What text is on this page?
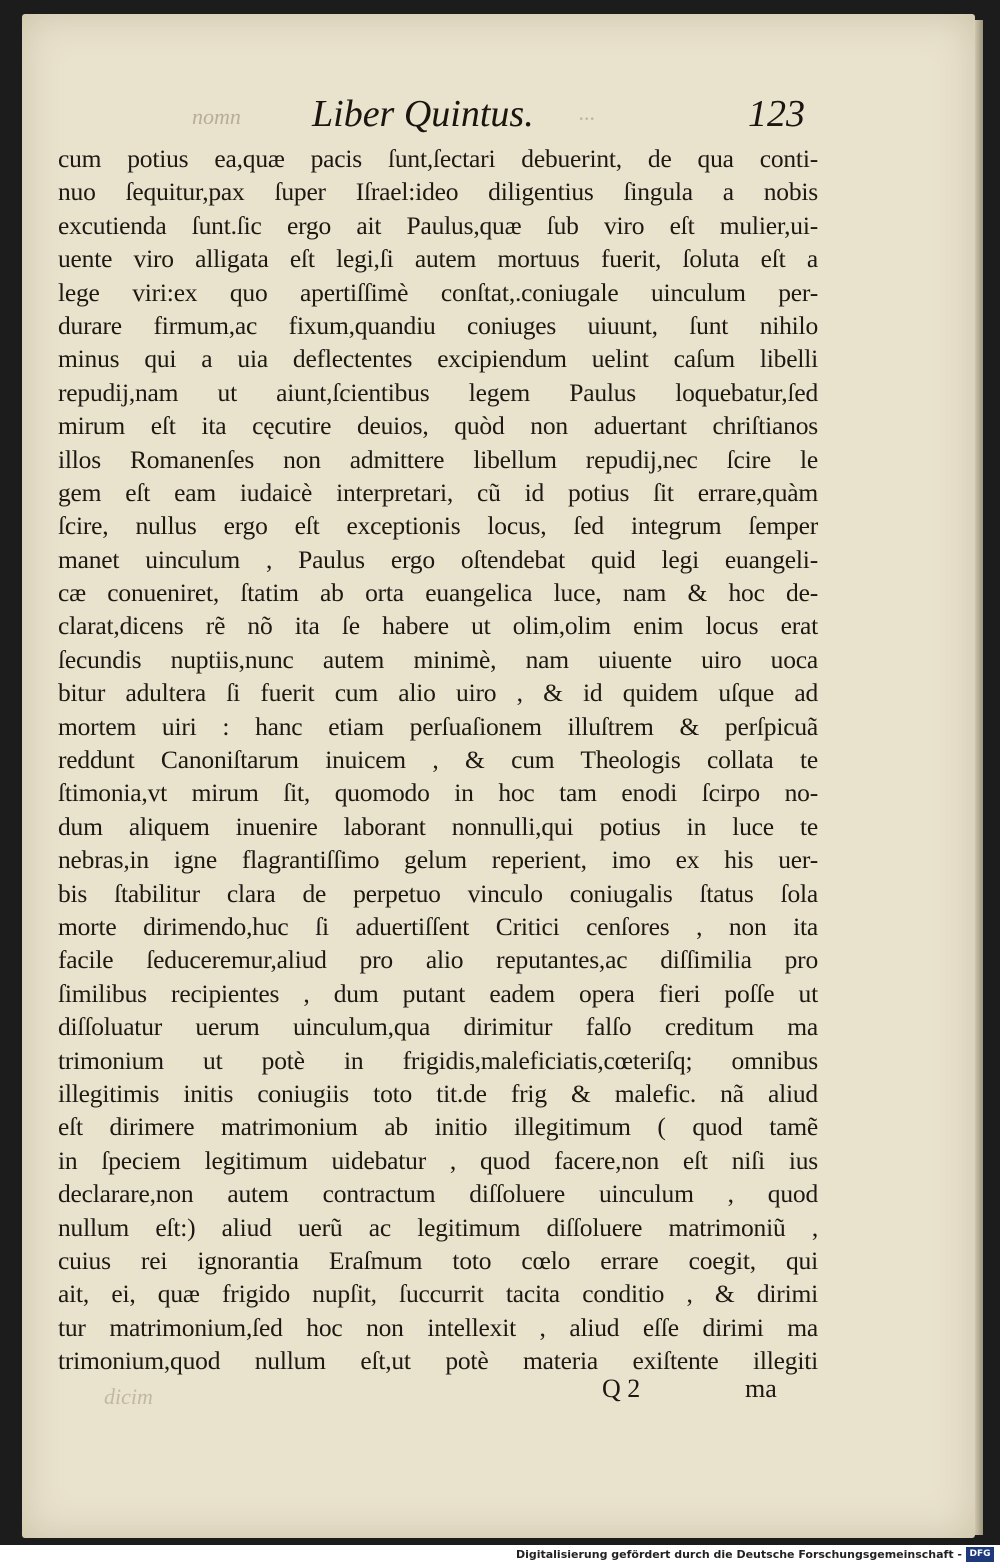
nomn Liber Quintus. ...	123
cum potius ea,quæ pacis ſunt,ſectari debuerint, de qua conti-
nuo ſequitur,pax ſuper Iſrael:ideo diligentius ſingula a nobis
excutienda ſunt.ſic ergo ait Paulus,quæ ſub viro eſt mulier,ui-
uente viro alligata eſt legi,ſi autem mortuus fuerit, ſoluta eſt a
lege viri:ex quo apertiſſimè conſtat,.coniugale uinculum per-
durare firmum,ac fixum,quandiu coniuges uiuunt, ſunt nihilo
minus qui a uia deflectentes excipiendum uelint caſum libelli
repudij,nam ut aiunt,ſcientibus legem Paulus loquebatur,ſed
mirum eſt ita cęcutire deuios, quòd non aduertant chriſtianos
illos Romanenſes non admittere libellum repudij,nec ſcire le
gem eſt eam iudaicè interpretari, cũ id potius ſit errare,quàm
ſcire, nullus ergo eſt exceptionis locus, ſed integrum ſemper
manet uinculum , Paulus ergo oſtendebat quid legi euangeli-
cæ conueniret, ſtatim ab orta euangelica luce, nam & hoc de-
clarat,dicens rẽ nõ ita ſe habere ut olim,olim enim locus erat
ſecundis nuptiis,nunc autem minimè, nam uiuente uiro uoca
bitur adultera ſi fuerit cum alio uiro , & id quidem uſque ad
mortem uiri : hanc etiam perſuaſionem illuſtrem & perſpicuã
reddunt Canoniſtarum inuicem , & cum Theologis collata te
ſtimonia,vt mirum ſit, quomodo in hoc tam enodi ſcirpo no-
dum aliquem inuenire laborant nonnulli,qui potius in luce te
nebras,in igne flagrantiſſimo gelum reperient, imo ex his uer-
bis ſtabilitur clara de perpetuo vinculo coniugalis ſtatus ſola
morte dirimendo,huc ſi aduertiſſent Critici cenſores , non ita
facile ſeduceremur,aliud pro alio reputantes,ac diſſimilia pro
ſimilibus recipientes , dum putant eadem opera fieri poſſe ut
diſſoluatur uerum uinculum,qua dirimitur falſo creditum ma
trimonium ut potè in frigidis,maleficiatis,cœteriſq; omnibus
illegitimis initis coniugiis toto tit.de frig & malefic. nã aliud
eſt dirimere matrimonium ab initio illegitimum ( quod tamẽ
in ſpeciem legitimum uidebatur , quod facere,non eſt niſi ius
declarare,non autem contractum diſſoluere uinculum , quod
nullum eſt:) aliud uerũ ac legitimum diſſoluere matrimoniũ ,
cuius rei ignorantia Eraſmum toto cœlo errare coegit, qui
ait, ei, quæ frigido nupſit, ſuccurrit tacita conditio , & dirimi
tur matrimonium,ſed hoc non intellexit , aliud eſſe dirimi ma
trimonium,quod nullum eſt,ut potè materia exiſtente illegiti
dicim	Q 2	ma
Digitalisierung gefördert durch die Deutsche Forschungsgemeinschaft - DFG
